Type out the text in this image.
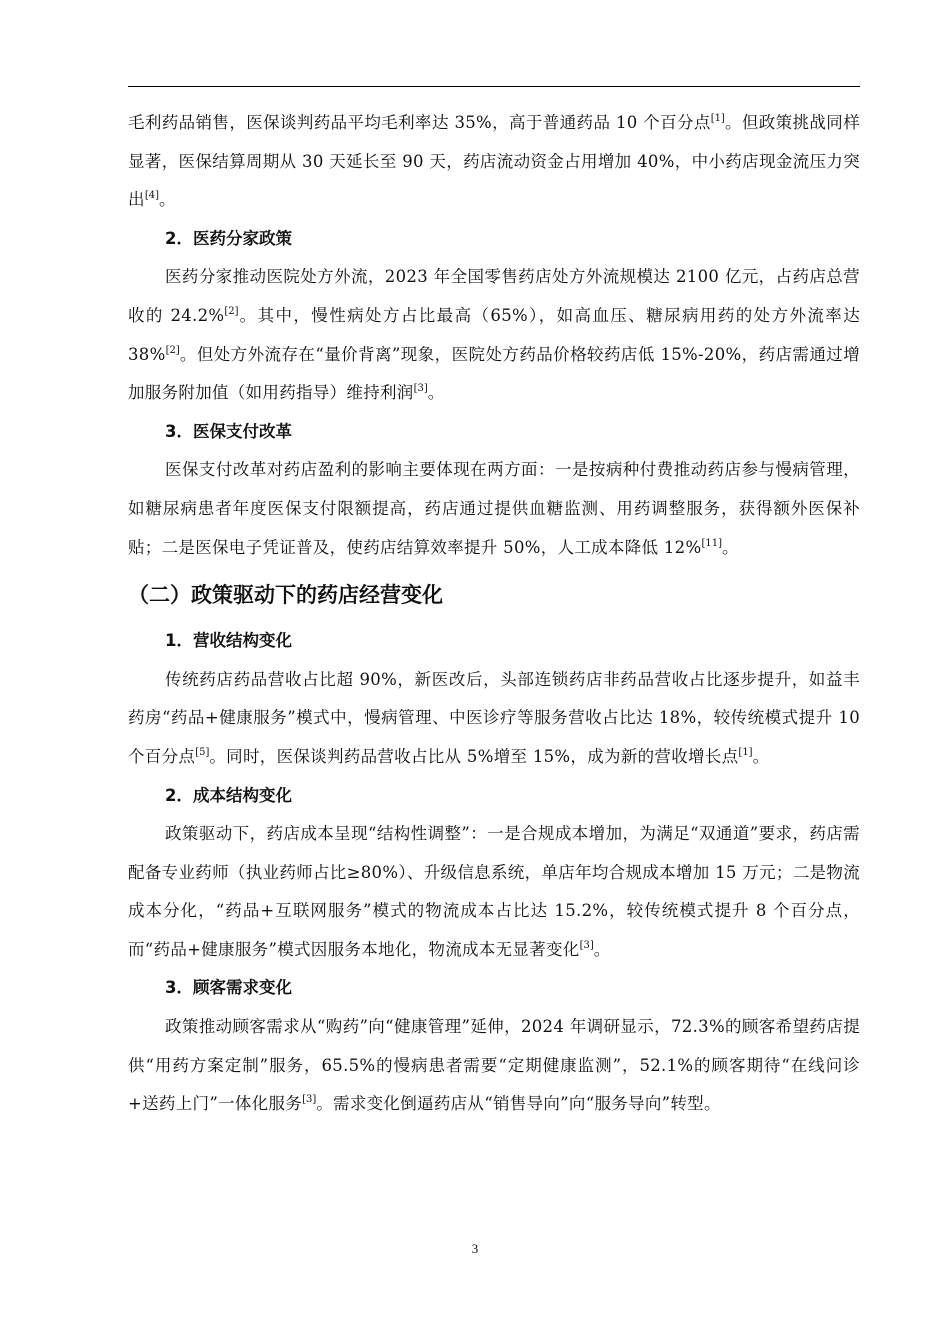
毛利药品销售，医保谈判药品平均毛利率达 35%，高于普通药品 10 个百分点[1]。但政策挑战同样显著，医保结算周期从 30 天延长至 90 天，药店流动资金占用增加 40%，中小药店现金流压力突出[4]。

2．医药分家政策

医药分家推动医院处方外流，2023 年全国零售药店处方外流规模达 2100 亿元，占药店总营收的 24.2%[2]。其中，慢性病处方占比最高（65%），如高血压、糖尿病用药的处方外流率达 38%[2]。但处方外流存在“量价背离”现象，医院处方药品价格较药店低 15%-20%，药店需通过增加服务附加值（如用药指导）维持利润[3]。

3．医保支付改革

医保支付改革对药店盈利的影响主要体现在两方面：一是按病种付费推动药店参与慢病管理，如糖尿病患者年度医保支付限额提高，药店通过提供血糖监测、用药调整服务，获得额外医保补贴；二是医保电子凭证普及，使药店结算效率提升 50%，人工成本降低 12%[11]。

（二）政策驱动下的药店经营变化

1．营收结构变化

传统药店药品营收占比超 90%，新医改后，头部连锁药店非药品营收占比逐步提升，如益丰药房“药品+健康服务”模式中，慢病管理、中医诊疗等服务营收占比达 18%，较传统模式提升 10 个百分点[5]。同时，医保谈判药品营收占比从 5%增至 15%，成为新的营收增长点[1]。

2．成本结构变化

政策驱动下，药店成本呈现“结构性调整”：一是合规成本增加，为满足“双通道”要求，药店需配备专业药师（执业药师占比≥80%）、升级信息系统，单店年均合规成本增加 15 万元；二是物流成本分化，“药品+互联网服务”模式的物流成本占比达 15.2%，较传统模式提升 8 个百分点，而“药品+健康服务”模式因服务本地化，物流成本无显著变化[3]。

3．顾客需求变化

政策推动顾客需求从“购药”向“健康管理”延伸，2024 年调研显示，72.3%的顾客希望药店提供“用药方案定制”服务，65.5%的慢病患者需要“定期健康监测”，52.1%的顾客期待“在线问诊+送药上门”一体化服务[3]。需求变化倒逼药店从“销售导向”向“服务导向”转型。

3
